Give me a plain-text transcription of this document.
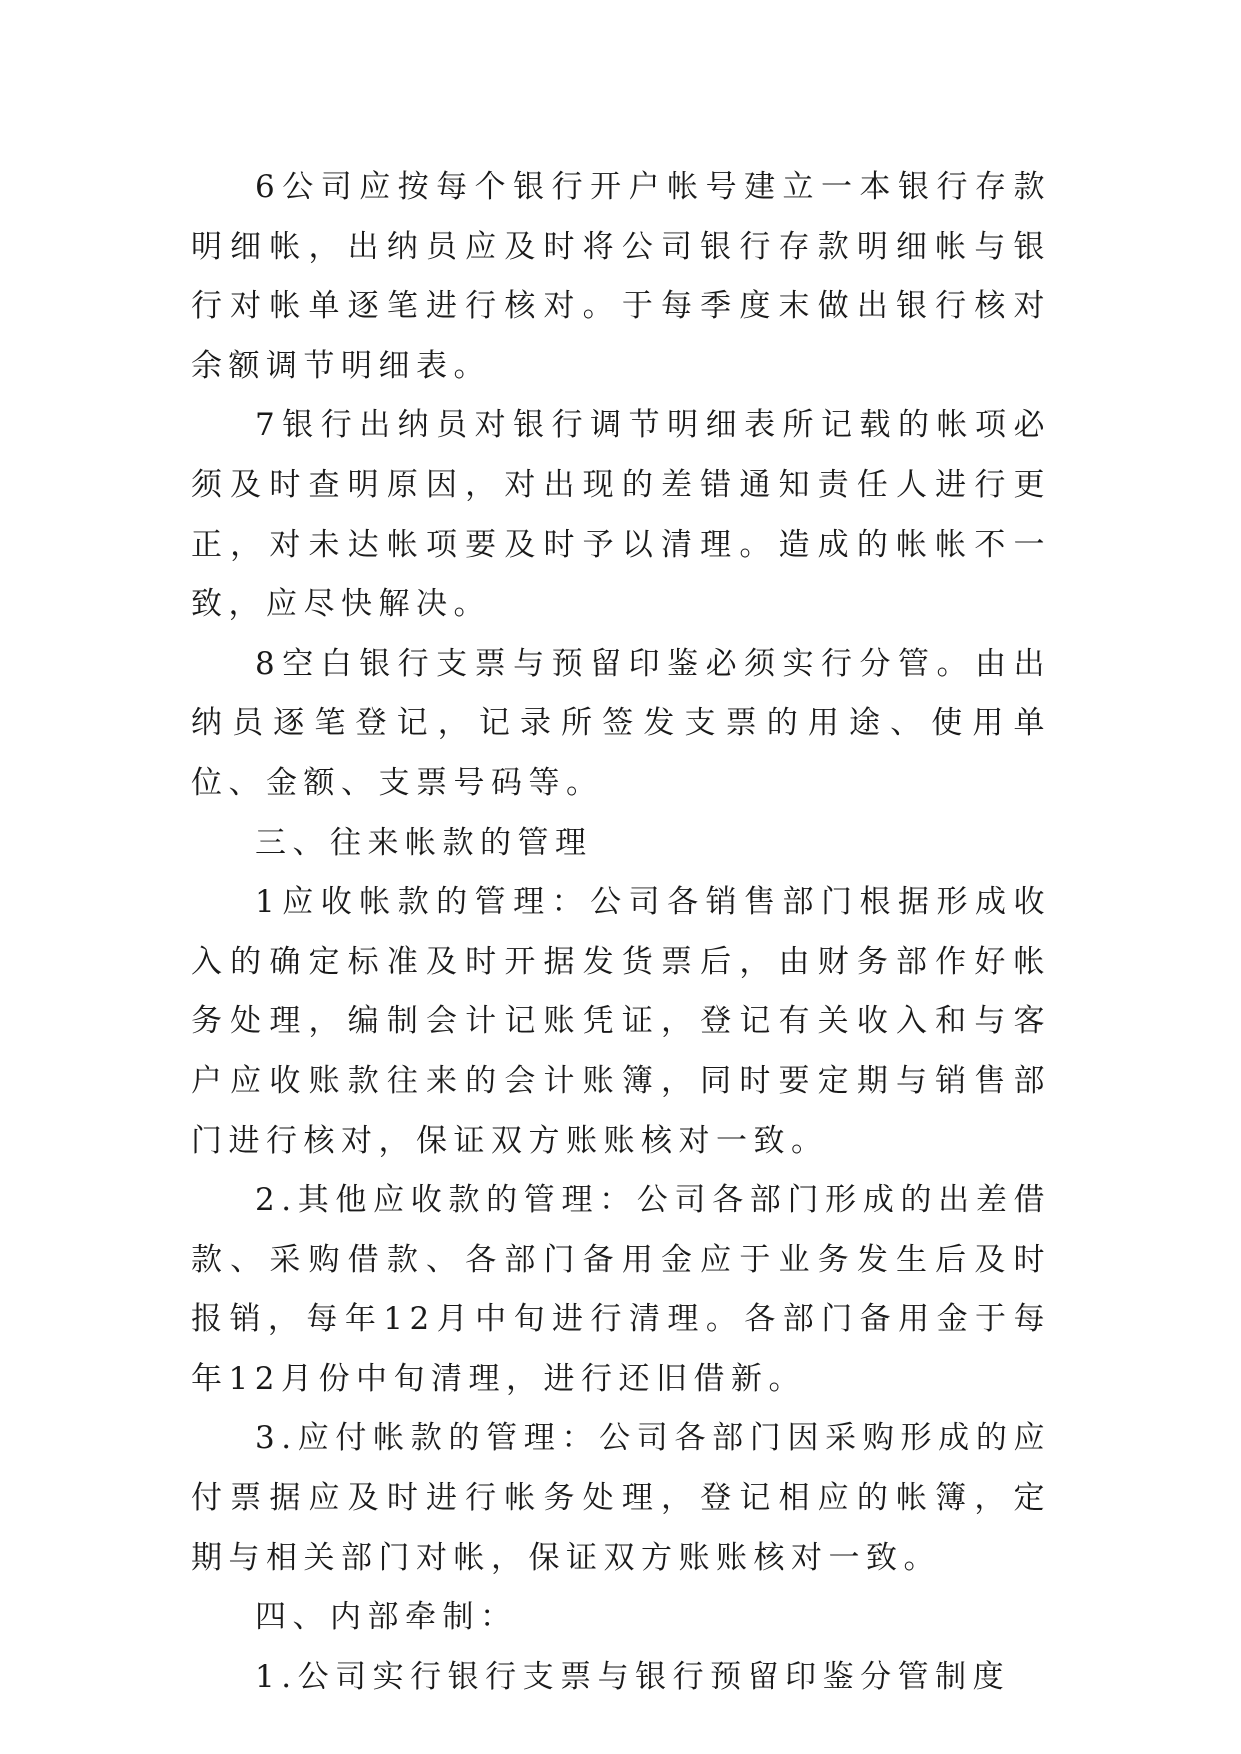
6公司应按每个银行开户帐号建立一本银行存款明细帐，出纳员应及时将公司银行存款明细帐与银行对帐单逐笔进行核对。于每季度末做出银行核对余额调节明细表。

7银行出纳员对银行调节明细表所记载的帐项必须及时查明原因，对出现的差错通知责任人进行更正，对未达帐项要及时予以清理。造成的帐帐不一致，应尽快解决。

8空白银行支票与预留印鉴必须实行分管。由出纳员逐笔登记，记录所签发支票的用途、使用单位、金额、支票号码等。

三、往来帐款的管理

1应收帐款的管理：公司各销售部门根据形成收入的确定标准及时开据发货票后，由财务部作好帐务处理，编制会计记账凭证，登记有关收入和与客户应收账款往来的会计账簿，同时要定期与销售部门进行核对，保证双方账账核对一致。

2.其他应收款的管理：公司各部门形成的出差借款、采购借款、各部门备用金应于业务发生后及时报销，每年12月中旬进行清理。各部门备用金于每年12月份中旬清理，进行还旧借新。

3.应付帐款的管理：公司各部门因采购形成的应付票据应及时进行帐务处理，登记相应的帐簿，定期与相关部门对帐，保证双方账账核对一致。

四、内部牵制：

1.公司实行银行支票与银行预留印鉴分管制度
